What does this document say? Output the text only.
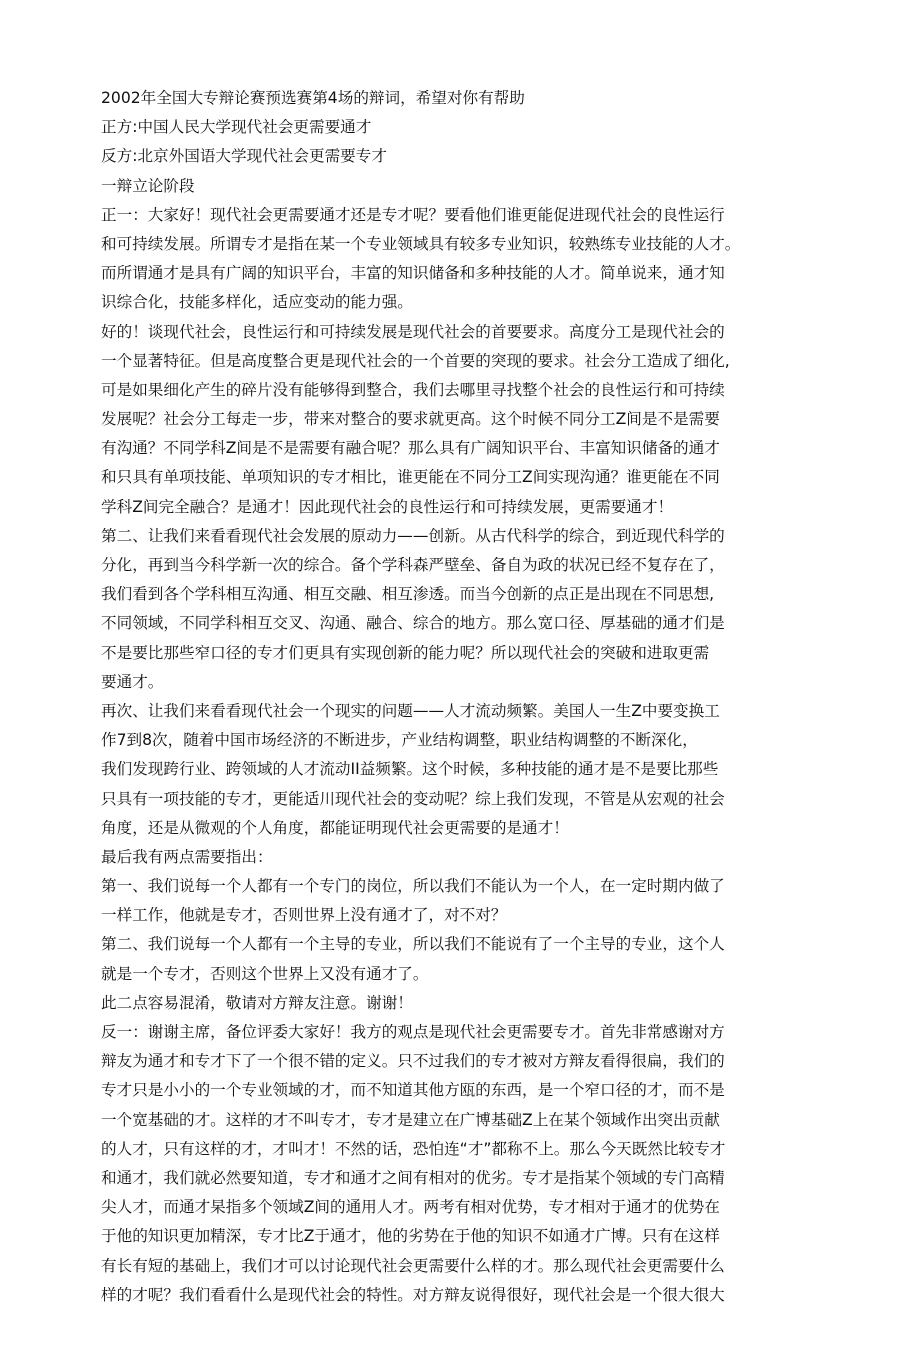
2002年全国大专辩论赛预选赛第4场的辩词，希望对你有帮助
正方:中国人民大学现代社会更需要通才
反方:北京外国语大学现代社会更需要专才
一辩立论阶段
正一：大家好！现代社会更需要通才还是专才呢？要看他们谁更能促进现代社会的良性运行
和可持续发展。所谓专才是指在某一个专业领域具有较多专业知识，较熟练专业技能的人才。
而所谓通才是具有广阔的知识平台，丰富的知识储备和多种技能的人才。简单说来，通才知
识综合化，技能多样化，适应变动的能力强。
好的！谈现代社会，良性运行和可持续发展是现代社会的首要要求。高度分工是现代社会的
一个显著特征。但是高度整合更是现代社会的一个首要的突现的要求。社会分工造成了细化,
可是如果细化产生的碎片没有能够得到整合，我们去哪里寻找整个社会的良性运行和可持续
发展呢？社会分工每走一步，带来对整合的要求就更高。这个时候不同分工Z间是不是需要
有沟通？不同学科Z间是不是需要有融合呢？那么具有广阔知识平台、丰富知识储备的通才
和只具有单项技能、单项知识的专才相比，谁更能在不同分工Z间实现沟通？谁更能在不同
学科Z间完全融合？是通才！因此现代社会的良性运行和可持续发展，更需要通才！
第二、让我们来看看现代社会发展的原动力——创新。从古代科学的综合，到近现代科学的
分化，再到当今科学新一次的综合。备个学科森严壁垒、备自为政的状况已经不复存在了，
我们看到各个学科相互沟通、相互交融、相互渗透。而当今创新的点正是出现在不同思想,
不同领域，不同学科相互交叉、沟通、融合、综合的地方。那么宽口径、厚基础的通才们是
不是要比那些窄口径的专才们更具有实现创新的能力呢？所以现代社会的突破和进取更需
要通才。
再次、让我们来看看现代社会一个现实的问题——人才流动频繁。美国人一生Z中要变换工
作7到8次，随着中国市场经济的不断进步，产业结构调整，职业结构调整的不断深化，
我们发现跨行业、跨领域的人才流动II益频繁。这个时候，多种技能的通才是不是要比那些
只具有一项技能的专才，更能适川现代社会的变动呢？综上我们发现，不管是从宏观的社会
角度，还是从微观的个人角度，都能证明现代社会更需要的是通才！
最后我有两点需要指出：
第一、我们说每一个人都有一个专门的岗位，所以我们不能认为一个人，在一定时期内做了
一样工作，他就是专才，否则世界上没有通才了，对不对？
第二、我们说每一个人都有一个主导的专业，所以我们不能说有了一个主导的专业，这个人
就是一个专才，否则这个世界上又没有通才了。
此二点容易混淆，敬请对方辩友注意。谢谢！
反一：谢谢主席，备位评委大家好！我方的观点是现代社会更需要专才。首先非常感谢对方
辩友为通才和专才下了一个很不错的定义。只不过我们的专才被对方辩友看得很扁，我们的
专才只是小小的一个专业领域的才，而不知道其他方瓯的东西，是一个窄口径的才，而不是
一个宽基础的才。这样的才不叫专才，专才是建立在广博基础Z上在某个领域作出突出贡献
的人才，只有这样的才，才叫才！不然的话，恐怕连“才”都称不上。那么今天既然比较专才
和通才，我们就必然要知道，专才和通才之间有相对的优劣。专才是指某个领域的专门高精
尖人才，而通才杲指多个领域Z间的通用人才。两考有相对优势，专才相对于通才的优势在
于他的知识更加精深，专才比Z于通才，他的劣势在于他的知识不如通才广博。只有在这样
有长有短的基础上，我们才可以讨论现代社会更需要什么样的才。那么现代社会更需要什么
样的才呢？我们看看什么是现代社会的特性。对方辩友说得很好，现代社会是一个很大很大
